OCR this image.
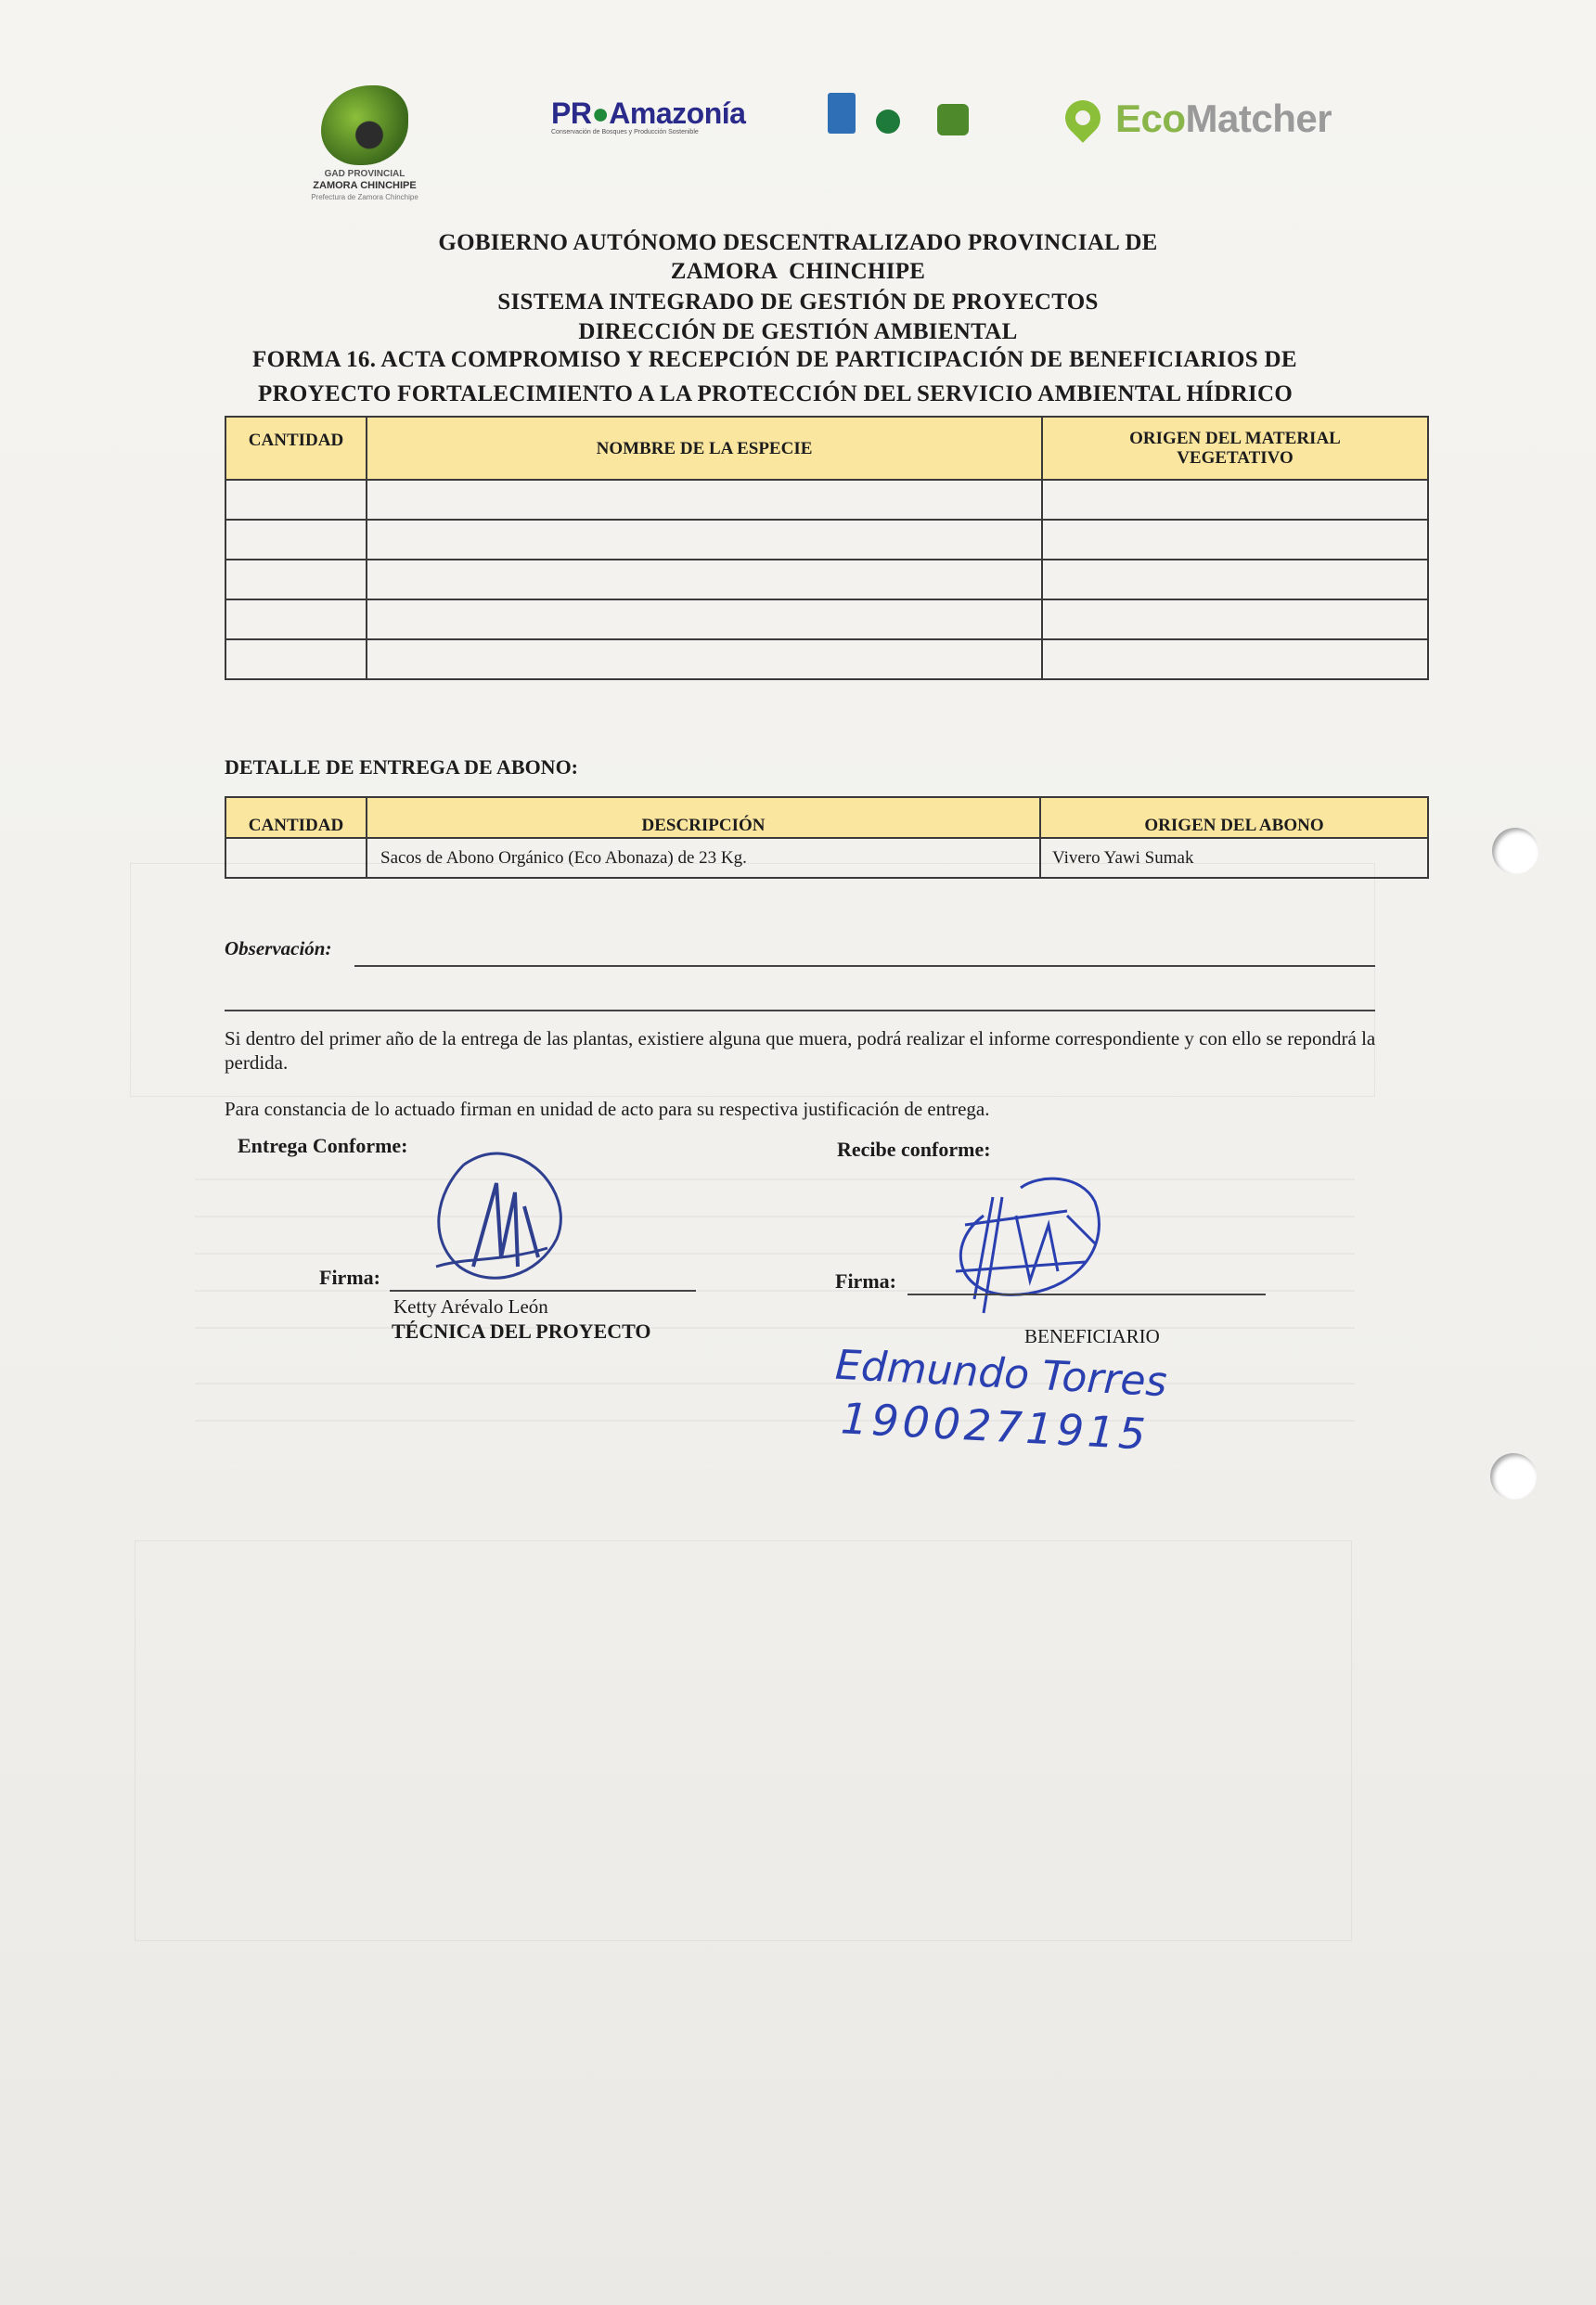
GAD PROVINCIAL
ZAMORA CHINCHIPE
Prefectura de Zamora Chinchipe
PR●Amazonía
Conservación de Bosques y Producción Sostenible	EcoMatcher
GOBIERNO AUTÓNOMO DESCENTRALIZADO PROVINCIAL DE
ZAMORA  CHINCHIPE
SISTEMA INTEGRADO DE GESTIÓN DE PROYECTOS
DIRECCIÓN DE GESTIÓN AMBIENTAL
FORMA 16. ACTA COMPROMISO Y RECEPCIÓN DE PARTICIPACIÓN DE BENEFICIARIOS DE
PROYECTO FORTALECIMIENTO A LA PROTECCIÓN DEL SERVICIO AMBIENTAL HÍDRICO
CANTIDAD	NOMBRE DE LA ESPECIE	ORIGEN DEL MATERIAL VEGETATIVO

DETALLE DE ENTREGA DE ABONO:
CANTIDAD	DESCRIPCIÓN	ORIGEN DEL ABONO
	Sacos de Abono Orgánico (Eco Abonaza) de 23 Kg.	Vivero Yawi Sumak
Observación:
Si dentro del primer año de la entrega de las plantas, existiere alguna que muera, podrá realizar el informe correspondiente y con ello se repondrá la perdida.
Para constancia de lo actuado firman en unidad de acto para su respectiva justificación de entrega.
Entrega Conforme:	Recibe conforme:
Firma:
Ketty Arévalo León
TÉCNICA DEL PROYECTO
Firma:
BENEFICIARIO
Edmundo Torres
1900271915
